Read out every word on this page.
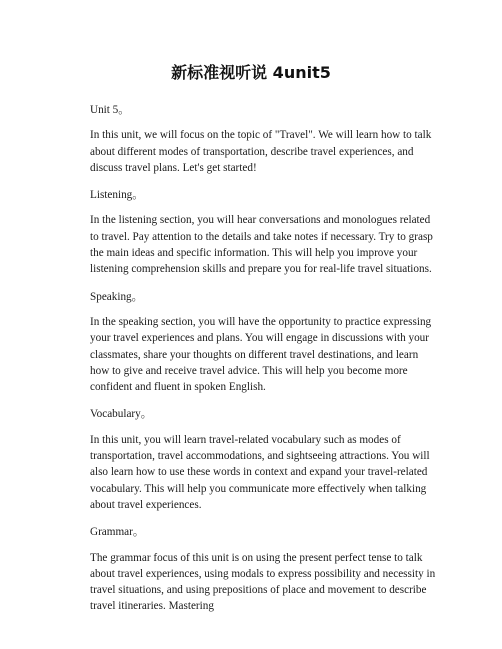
新标准视听说 4unit5

Unit 5。

In this unit, we will focus on the topic of "Travel". We will learn how to talk about different modes of transportation, describe travel experiences, and discuss travel plans. Let's get started!

Listening。

In the listening section, you will hear conversations and monologues related to travel. Pay attention to the details and take notes if necessary. Try to grasp the main ideas and specific information. This will help you improve your listening comprehension skills and prepare you for real-life travel situations.

Speaking。

In the speaking section, you will have the opportunity to practice expressing your travel experiences and plans. You will engage in discussions with your classmates, share your thoughts on different travel destinations, and learn how to give and receive travel advice. This will help you become more confident and fluent in spoken English.

Vocabulary。

In this unit, you will learn travel-related vocabulary such as modes of transportation, travel accommodations, and sightseeing attractions. You will also learn how to use these words in context and expand your travel-related vocabulary. This will help you communicate more effectively when talking about travel experiences.

Grammar。

The grammar focus of this unit is on using the present perfect tense to talk about travel experiences, using modals to express possibility and necessity in travel situations, and using prepositions of place and movement to describe travel itineraries. Mastering
